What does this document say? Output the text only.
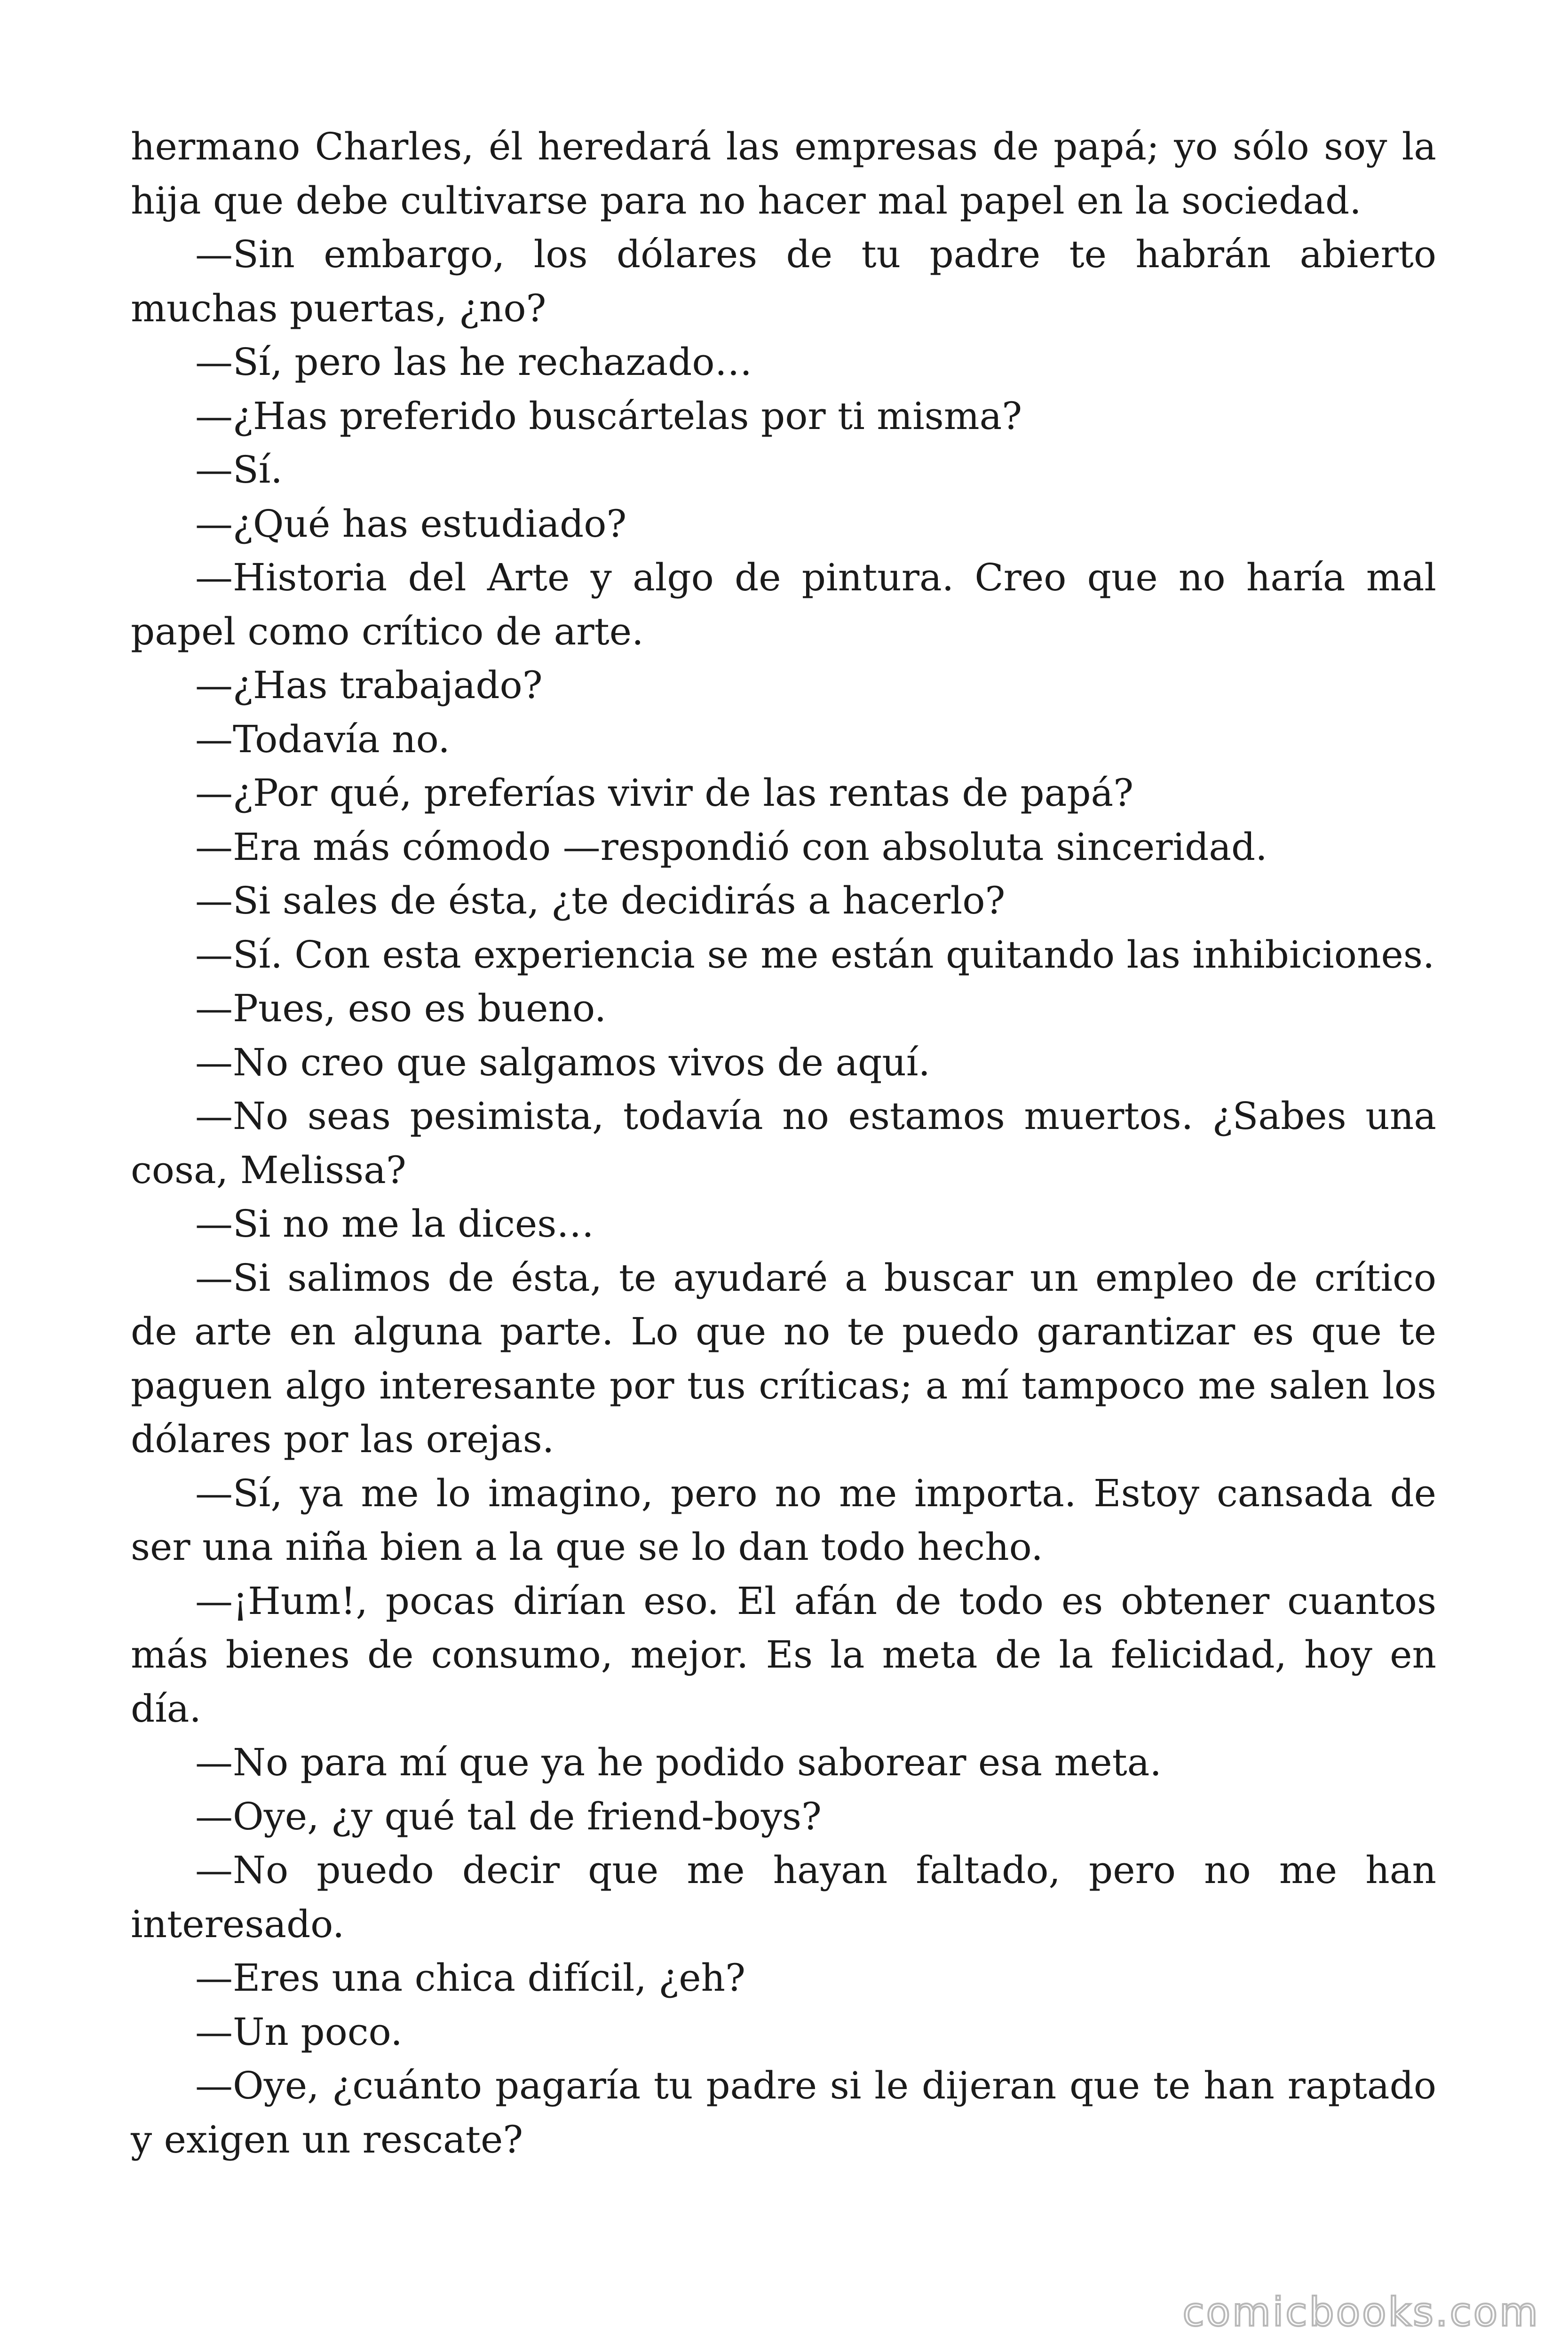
hermano Charles, él heredará las empresas de papá; yo sólo soy la hija que debe cultivarse para no hacer mal papel en la sociedad.

—Sin embargo, los dólares de tu padre te habrán abierto muchas puertas, ¿no?

—Sí, pero las he rechazado…

—¿Has preferido buscártelas por ti misma?

—Sí.

—¿Qué has estudiado?

—Historia del Arte y algo de pintura. Creo que no haría mal papel como crítico de arte.

—¿Has trabajado?

—Todavía no.

—¿Por qué, preferías vivir de las rentas de papá?

—Era más cómodo —respondió con absoluta sinceridad.

—Si sales de ésta, ¿te decidirás a hacerlo?

—Sí. Con esta experiencia se me están quitando las inhibiciones.

—Pues, eso es bueno.

—No creo que salgamos vivos de aquí.

—No seas pesimista, todavía no estamos muertos. ¿Sabes una cosa, Melissa?

—Si no me la dices…

—Si salimos de ésta, te ayudaré a buscar un empleo de crítico de arte en alguna parte. Lo que no te puedo garantizar es que te paguen algo interesante por tus críticas; a mí tampoco me salen los dólares por las orejas.

—Sí, ya me lo imagino, pero no me importa. Estoy cansada de ser una niña bien a la que se lo dan todo hecho.

—¡Hum!, pocas dirían eso. El afán de todo es obtener cuantos más bienes de consumo, mejor. Es la meta de la felicidad, hoy en día.

—No para mí que ya he podido saborear esa meta.

—Oye, ¿y qué tal de friend-boys?

—No puedo decir que me hayan faltado, pero no me han interesado.

—Eres una chica difícil, ¿eh?

—Un poco.

—Oye, ¿cuánto pagaría tu padre si le dijeran que te han raptado y exigen un rescate?

comicbooks.com
